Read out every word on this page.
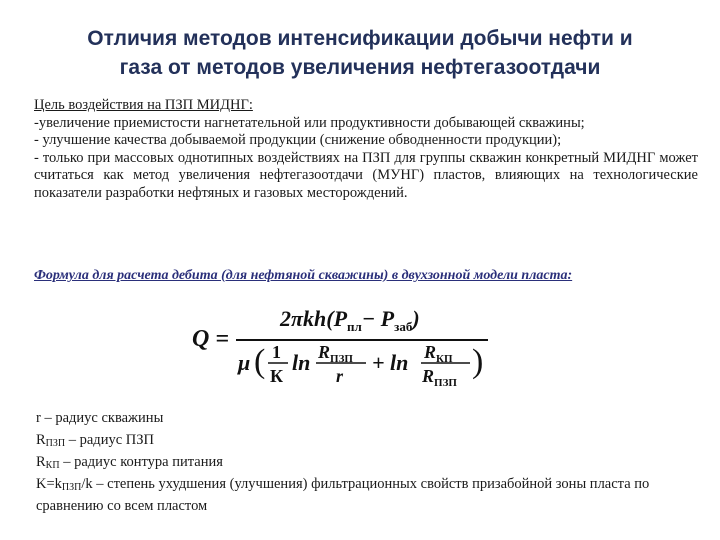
Отличия методов интенсификации добычи нефти и
газа от методов увеличения нефтегазоотдачи
Цель воздействия на ПЗП МИДНГ:
-увеличение приемистости нагнетательной или продуктивности добывающей скважины;
- улучшение качества добываемой продукции (снижение обводненности продукции);
- только при массовых однотипных воздействиях на ПЗП для группы скважин конкретный МИДНГ может считаться как метод увеличения нефтегазоотдачи (МУНГ) пластов, влияющих на технологические показатели разработки нефтяных и газовых месторождений.
Формула для расчета дебита (для нефтяной скважины) в двухзонной модели пласта:
Q =
$2\pi kh(P_{пл}- P_{заб})$
μ ( 1
К
$\ln R_{ПЗП}$
r
+ $\ln R_{КП}$
$R_{ПЗП}$
)
r – радиус скважины
$R_{ПЗП}$ – радиус ПЗП
$R_{КП}$ – радиус контура питания
$K=k_{ПЗП}/k$ – степень ухудшения (улучшения) фильтрационных свойств призабойной зоны пласта по сравнению со всем пластом
